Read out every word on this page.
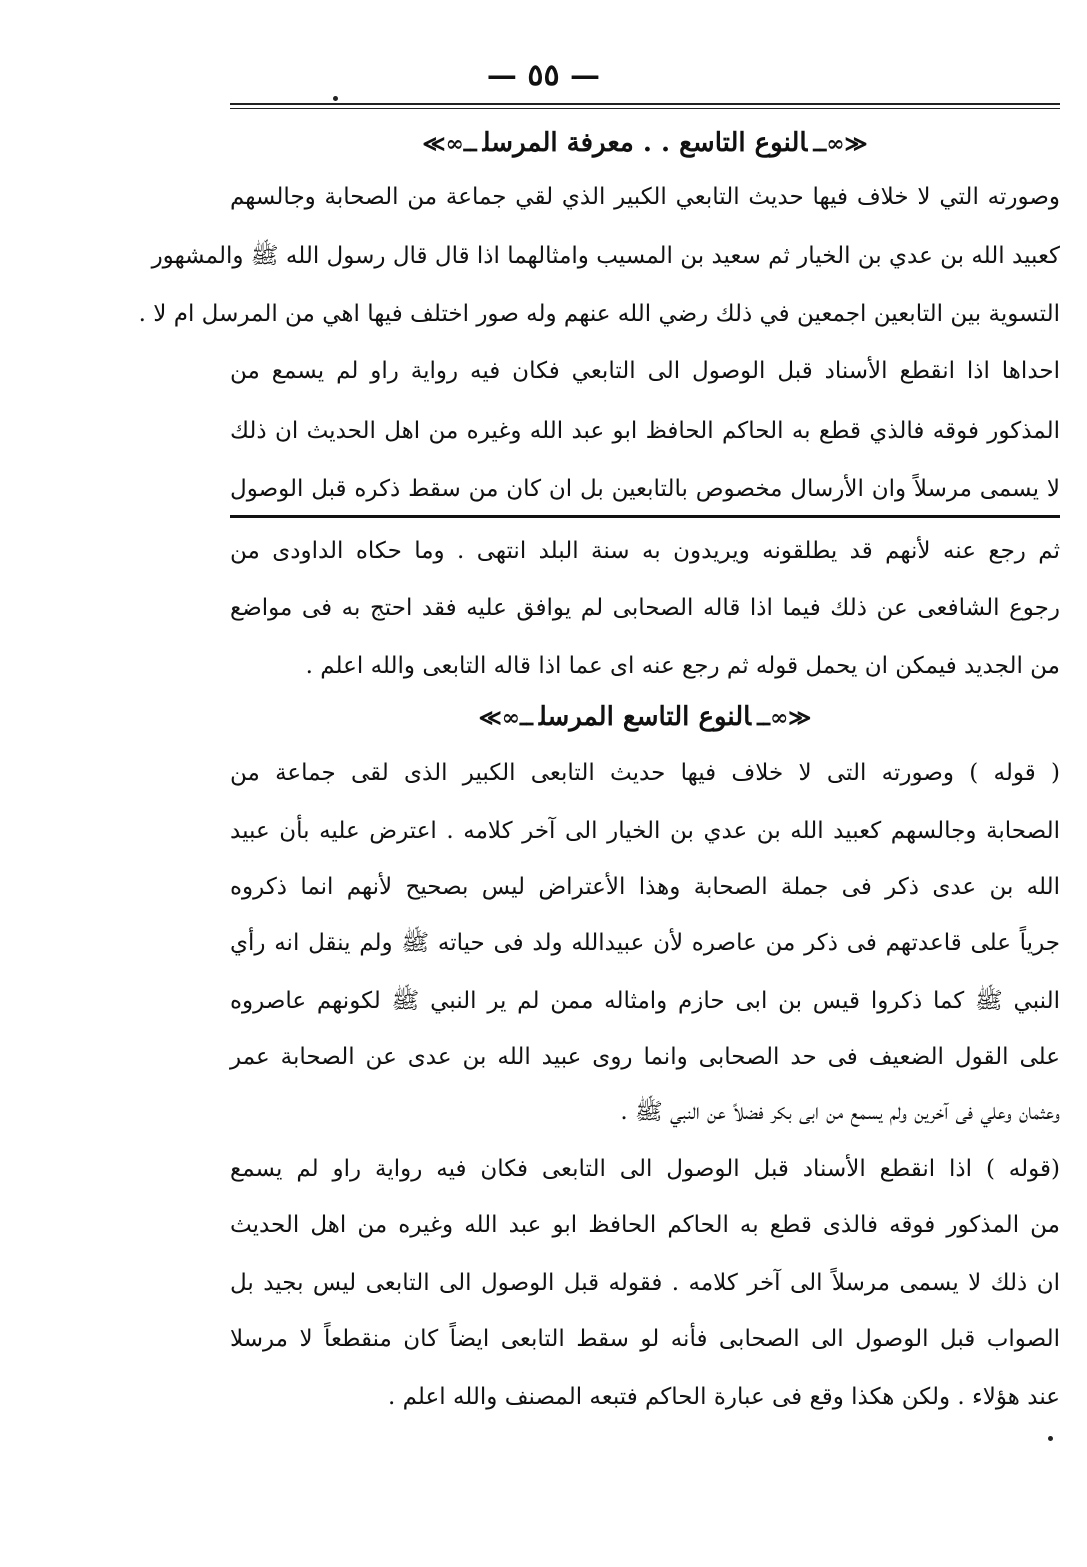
— ٥٥ —
≪∞ــالنوع التاسع . . معرفة المرسلــ∞≫
وصورته التي لا خلاف فيها حديث التابعي الكبير الذي لقي جماعة من الصحابة وجالسهم
كعبيد الله بن عدي بن الخيار ثم سعيد بن المسيب وامثالهما اذا قال قال رسول الله ﷺ والمشهور
التسوية بين التابعين اجمعين في ذلك رضي الله عنهم وله صور اختلف فيها اهي من المرسل ام لا .
احداها اذا انقطع الأسناد قبل الوصول الى التابعي فكان فيه رواية راو لم يسمع من
المذكور فوقه فالذي قطع به الحاكم الحافظ ابو عبد الله وغيره من اهل الحديث ان ذلك
لا يسمى مرسلاً وان الأرسال مخصوص بالتابعين بل ان كان من سقط ذكره قبل الوصول
ثم رجع عنه لأنهم قد يطلقونه ويريدون به سنة البلد انتهى . وما حكاه الداودى من
رجوع الشافعى عن ذلك فيما اذا قاله الصحابى لم يوافق عليه فقد احتج به فى مواضع
من الجديد فيمكن ان يحمل قوله ثم رجع عنه اى عما اذا قاله التابعى والله اعلم .
≪∞ــالنوع التاسع المرسلــ∞≫
( قوله ) وصورته التى لا خلاف فيها حديث التابعى الكبير الذى لقى جماعة من
الصحابة وجالسهم كعبيد الله بن عدي بن الخيار الى آخر كلامه . اعترض عليه بأن عبيد
الله بن عدى ذكر فى جملة الصحابة وهذا الأعتراض ليس بصحيح لأنهم انما ذكروه
جرياً على قاعدتهم فى ذكر من عاصره لأن عبيدالله ولد فى حياته ﷺ ولم ينقل انه رأي
النبي ﷺ كما ذكروا قيس بن ابى حازم وامثاله ممن لم ير النبي ﷺ لكونهم عاصروه
على القول الضعيف فى حد الصحابى وانما روى عبيد الله بن عدى عن الصحابة عمر
وعثمان وعلي فى آخرين ولم يسمع من ابى بكر فضلاً عن النبي ﷺ .
(قوله ) اذا انقطع الأسناد قبل الوصول الى التابعى فكان فيه رواية راو لم يسمع
من المذكور فوقه فالذى قطع به الحاكم الحافظ ابو عبد الله وغيره من اهل الحديث
ان ذلك لا يسمى مرسلاً الى آخر كلامه . فقوله قبل الوصول الى التابعى ليس بجيد بل
الصواب قبل الوصول الى الصحابى فأنه لو سقط التابعى ايضاً كان منقطعاً لا مرسلا
عند هؤلاء . ولكن هكذا وقع فى عبارة الحاكم فتبعه المصنف والله اعلم .
